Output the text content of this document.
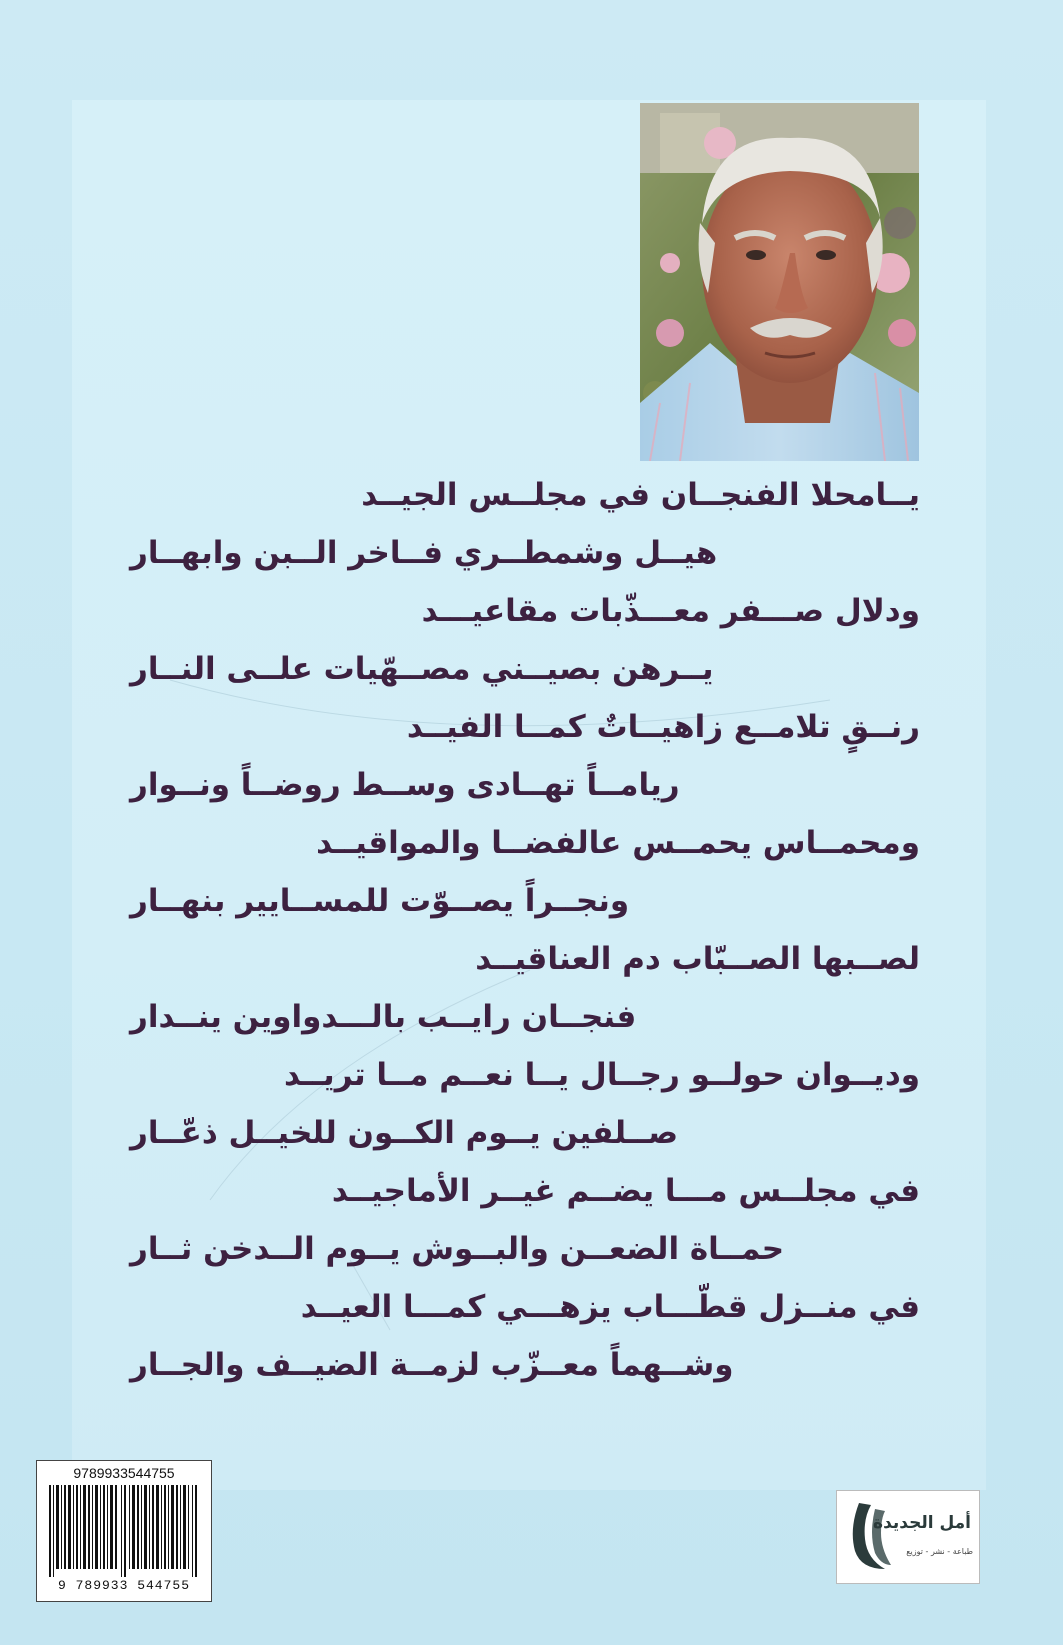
يــامحلا الفنجــان في مجلــس الجيــد
هيــل وشمطــري فــاخر الــبن وابهــار
ودلال صـــفر معـــذّبات مقاعيـــد
يــرهن بصيــني مصــهّيات علــى النــار
رنــقٍ تلامــع زاهيــاتٌ كمــا الفيــد
ريامــاً تهــادى وســط روضــاً ونــوار
ومحمــاس يحمــس عالفضــا والمواقيــد
ونجــراً يصــوّت للمســايير بنهــار
لصــبها الصــبّاب دم العناقيــد
فنجــان رايــب بالـــدواوين ينــدار
وديــوان حولــو رجــال يــا نعــم مــا تريــد
صــلفين يــوم الكــون للخيــل ذعّــار
في مجلــس مـــا يضــم غيــر الأماجيــد
حمــاة الضعــن والبــوش يــوم الــدخن ثــار
في منــزل قطّـــاب يزهـــي كمـــا العيــد
وشــهماً معــزّب لزمــة الضيــف والجــار
9789933544755
9 789933 544755
أمل الجديدة
طباعة - نشر - توزيع
